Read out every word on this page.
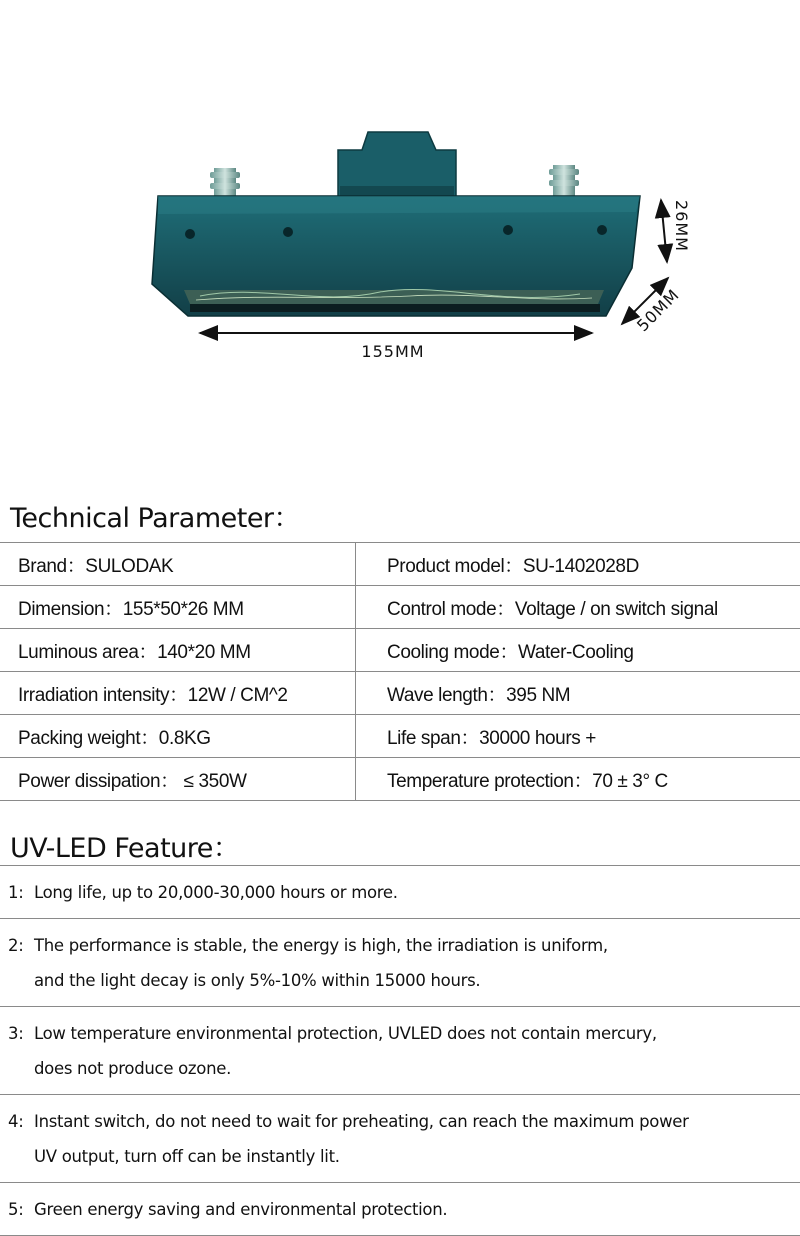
155MM
26MM
50MM
Technical Parameter：
Brand：SULODAK	Product model：SU-1402028D
Dimension：155*50*26 MM	Control mode：Voltage / on switch signal
Luminous area：140*20 MM	Cooling mode：Water-Cooling
Irradiation intensity：12W / CM^2	Wave length：395 NM
Packing weight：0.8KG	Life span：30000 hours +
Power dissipation： ≤ 350W	Temperature protection：70 ± 3° C
UV-LED Feature：
1: Long life, up to 20,000-30,000 hours or more.
2: The performance is stable, the energy is high, the irradiation is uniform,
and the light decay is only 5%-10% within 15000 hours.
3: Low temperature environmental protection, UVLED does not contain mercury,
does not produce ozone.
4: Instant switch, do not need to wait for preheating, can reach the maximum power
UV output, turn off can be instantly lit.
5: Green energy saving and environmental protection.
